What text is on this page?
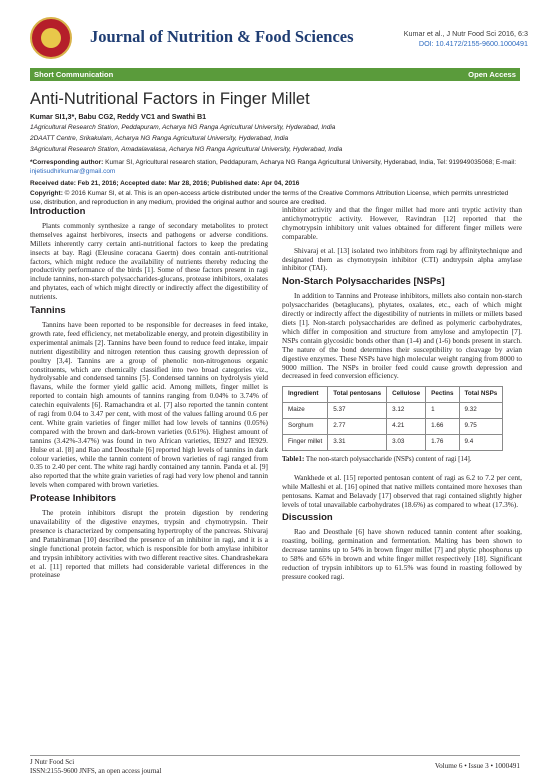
Journal of Nutrition & Food Sciences	Kumar et al., J Nutr Food Sci 2016, 6:3
DOI: 10.4172/2155-9600.1000491
Short Communication	Open Access
Anti-Nutritional Factors in Finger Millet
Kumar SI1,3*, Babu CG2, Reddy VC1 and Swathi B1
1Agricultural Research Station, Peddapuram, Acharya NG Ranga Agricultural University, Hyderabad, India
2DAATT Centre, Srikakulam, Acharya NG Ranga Agricultural University, Hyderabad, India
3Agricultural Research Station, Amadalavalasa, Acharya NG Ranga Agricultural University, Hyderabad, India
*Corresponding author: Kumar SI, Agricultural research station, Peddapuram, Acharya NG Ranga Agricultural University, Hyderabad, India, Tel: 919949035068; E-mail: injetisudhirkumar@gmail.com
Received date: Feb 21, 2016; Accepted date: Mar 28, 2016; Published date: Apr 04, 2016
Copyright: © 2016 Kumar SI, et al. This is an open-access article distributed under the terms of the Creative Commons Attribution License, which permits unrestricted use, distribution, and reproduction in any medium, provided the original author and source are credited.
Introduction

Plants commonly synthesize a range of secondary metabolites to protect themselves against herbivores, insects and pathogens or adverse conditions. Millets inherently carry certain anti-nutritional factors to keep the predating insects at bay. Ragi (Eleusine coracana Gaertn) does contain anti-nutritional factors, which might reduce the availability of nutrients thereby reducing the productivity performance of the birds [1]. Some of these factors present in ragi include tannins, non-starch polysaccharides-glucans, protease inhibitors, oxalates and phytates, each of which might directly or indirectly affect the digestibility of nutrients.

Tannins

Tannins have been reported to be responsible for decreases in feed intake, growth rate, feed efficiency, net metabolizable energy, and protein digestibility in experimental animals [2]. Tannins have been found to reduce feed intake, impair nutrient digestibility and nitrogen retention thus causing growth depression of poultry [3,4]. Tannins are a group of phenolic non-nitrogenous organic constituents, which are chemically classified into two broad categories viz., hydrolysable and condensed tannins [5]. Condensed tannins on hydrolysis yield flavans, while the former yield gallic acid. Among millets, finger millet is reported to contain high amounts of tannins ranging from 0.04% to 3.74% of catechin equivalents [6]. Ramachandra et al. [7] also reported the tannin content of ragi from 0.04 to 3.47 per cent, with most of the values falling around 0.6 per cent. White grain varieties of finger millet had low levels of tannins (0.05%) compared with the brown and dark-brown varieties (0.61%). Highest amount of tannins (3.42%-3.47%) was found in two African varieties, IE927 and IE929. Hulse et al. [8] and Rao and Deosthale [6] reported high levels of tannins in dark colour varieties, while the tannin content of brown varieties of ragi ranged from 0.35 to 2.40 per cent. The white ragi hardly contained any tannin. Panda et al. [9] also reported that the white grain varieties of ragi had very low phenol and tannin levels when compared with brown varieties.

Protease Inhibitors

The protein inhibitors disrupt the protein digestion by rendering unavailability of the digestive enzymes, trypsin and chymotrypsin. Their presence is characterized by compensating hypertrophy of the pancreas. Shivaraj and Pattabiraman [10] described the presence of an inhibitor in ragi, and it is a single functional protein factor, which is responsible for both amylase inhibitor and trypsin inhibitory activities with two different reactive sites. Chandrashekara et al. [11] reported that millets had considerable varietal differences in the proteinase

inhibitor activity and that the finger millet had more anti tryptic activity than antichymotryptic activity. However, Ravindran [12] reported that the chymotrypsin inhibitory unit values obtained for different finger millets were comparable.

Shivaraj et al. [13] isolated two inhibitors from ragi by affinitytechnique and designated them as chymotrypsin inhibitor (CTI) andtrypsin alpha amylase inhibitor (TAI).

Non-Starch Polysaccharides [NSPs]

In addition to Tannins and Protease inhibitors, millets also contain non-starch polysaccharides (betaglucans), phytates, oxalates, etc., each of which might directly or indirectly affect the digestibility of nutrients in millets or millets based diets [1]. Non-starch polysaccharides are defined as polymeric carbohydrates, which differ in composition and structure from amylose and amylopectin [7]. NSPs contain glycosidic bonds other than (1-4) and (1-6) bonds present in starch. The nature of the bond determines their susceptibility to cleavage by avian digestive enzymes. These NSPs have high molecular weight ranging from 8000 to 9000 million. The NSPs in broiler feed could cause growth depression and decreased in feed conversion efficiency.

Ingredient	Total pentosans	Cellulose	Pectins	Total NSPs
Maize	5.37	3.12	1	9.32
Sorghum	2.77	4.21	1.66	9.75
Finger millet	3.31	3.03	1.76	9.4
Table1: The non-starch polysaccharide (NSPs) content of ragi [14].

Wankhede et al. [15] reported pentosan content of ragi as 6.2 to 7.2 per cent, while Malleshi et al. [16] opined that native millets contained more hexoses than pentosans. Kamat and Belavady [17] observed that ragi contained slightly higher levels of total unavailable carbohydrates (18.6%) as compared to wheat (17.3%).

Discussion

Rao and Deosthale [6] have shown reduced tannin content after soaking, roasting, boiling, germination and fermentation. Malting has been shown to decrease tannins up to 54% in brown finger millet [7] and phytic phosphorus up to 58% and 65% in brown and white finger millet respectively [18]. Significant reduction of trypsin inhibitors up to 61.5% was found in roasting followed by pressure cooked ragi.

J Nutr Food Sci
ISSN:2155-9600 JNFS, an open access journal
Volume 6 • Issue 3 • 1000491
